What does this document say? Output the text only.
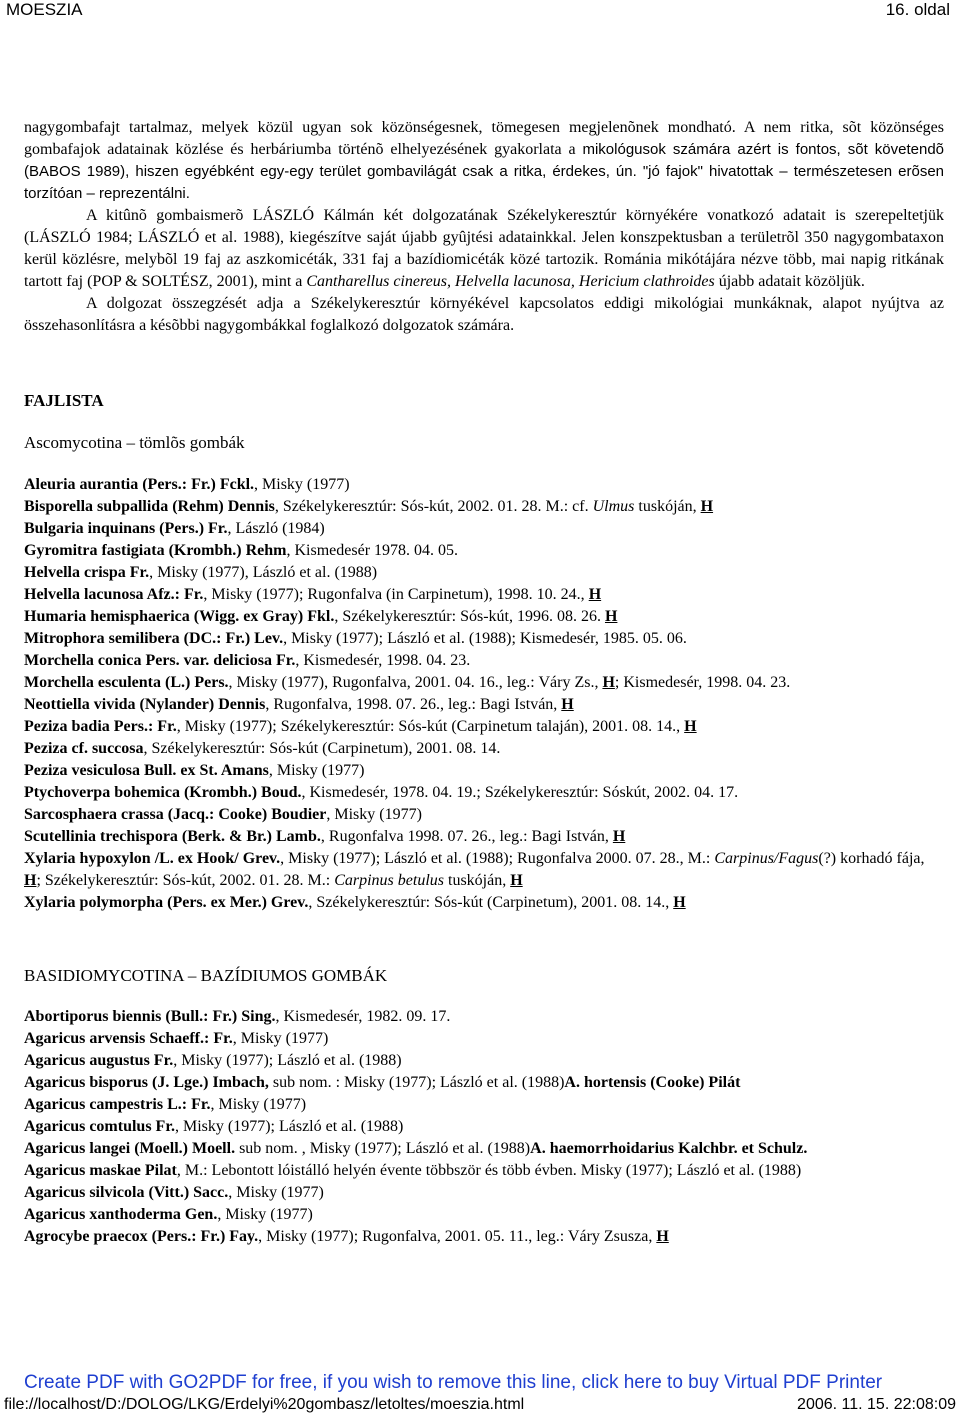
MOESZIA	16. oldal

nagygombafajt tartalmaz, melyek közül ugyan sok közönségesnek, tömegesen megjelenõnek mondható. A nem ritka, sõt közönséges gombafajok adatainak közlése és herbáriumba történõ elhelyezésének gyakorlata a mikológusok számára azért is fontos, sõt követendõ (BABOS 1989), hiszen egyébként egy-egy terület gombavilágát csak a ritka, érdekes, ún. "jó fajok" hivatottak – természetesen erõsen torzítóan – reprezentálni.

A kitûnõ gombaismerõ LÁSZLÓ Kálmán két dolgozatának Székelykeresztúr környékére vonatkozó adatait is szerepeltetjük (LÁSZLÓ 1984; LÁSZLÓ et al. 1988), kiegészítve saját újabb gyûjtési adatainkkal. Jelen konszpektusban a területrõl 350 nagygombataxon kerül közlésre, melybõl 19 faj az aszkomicéták, 331 faj a bazídiomicéták közé tartozik. Románia mikótájára nézve több, mai napig ritkának tartott faj (POP & SOLTÉSZ, 2001), mint a Cantharellus cinereus, Helvella lacunosa, Hericium clathroides újabb adatait közöljük.

A dolgozat összegzését adja a Székelykeresztúr környékével kapcsolatos eddigi mikológiai munkáknak, alapot nyújtva az összehasonlításra a késõbbi nagygombákkal foglalkozó dolgozatok számára.

FAJLISTA
Ascomycotina – tömlõs gombák

Aleuria aurantia (Pers.: Fr.) Fckl., Misky (1977)

Bisporella subpallida (Rehm) Dennis, Székelykeresztúr: Sós-kút, 2002. 01. 28. M.: cf. Ulmus tuskóján, H

Bulgaria inquinans (Pers.) Fr., László (1984)

Gyromitra fastigiata (Krombh.) Rehm, Kismedesér 1978. 04. 05.

Helvella crispa Fr., Misky (1977), László et al. (1988)

Helvella lacunosa Afz.: Fr., Misky (1977); Rugonfalva (in Carpinetum), 1998. 10. 24., H

Humaria hemisphaerica (Wigg. ex Gray) Fkl., Székelykeresztúr: Sós-kút, 1996. 08. 26. H

Mitrophora semilibera (DC.: Fr.) Lev., Misky (1977); László et al. (1988); Kismedesér, 1985. 05. 06.

Morchella conica Pers. var. deliciosa Fr., Kismedesér, 1998. 04. 23.

Morchella esculenta (L.) Pers., Misky (1977), Rugonfalva, 2001. 04. 16., leg.: Váry Zs., H; Kismedesér, 1998. 04. 23.

Neottiella vivida (Nylander) Dennis, Rugonfalva, 1998. 07. 26., leg.: Bagi István, H

Peziza badia Pers.: Fr., Misky (1977); Székelykeresztúr: Sós-kút (Carpinetum talaján), 2001. 08. 14., H

Peziza cf. succosa, Székelykeresztúr: Sós-kút (Carpinetum), 2001. 08. 14.

Peziza vesiculosa Bull. ex St. Amans, Misky (1977)

Ptychoverpa bohemica (Krombh.) Boud., Kismedesér, 1978. 04. 19.; Székelykeresztúr: Sóskút, 2002. 04. 17.

Sarcosphaera crassa (Jacq.: Cooke) Boudier, Misky (1977)

Scutellinia trechispora (Berk. & Br.) Lamb., Rugonfalva 1998. 07. 26., leg.: Bagi István, H

Xylaria hypoxylon /L. ex Hook/ Grev., Misky (1977); László et al. (1988); Rugonfalva 2000. 07. 28., M.: Carpinus/Fagus(?) korhadó fája, H; Székelykeresztúr: Sós-kút, 2002. 01. 28. M.: Carpinus betulus tuskóján, H

Xylaria polymorpha (Pers. ex Mer.) Grev., Székelykeresztúr: Sós-kút (Carpinetum), 2001. 08. 14., H

BASIDIOMYCOTINA – BAZÍDIUMOS GOMBÁK

Abortiporus biennis (Bull.: Fr.) Sing., Kismedesér, 1982. 09. 17.

Agaricus arvensis Schaeff.: Fr., Misky (1977)

Agaricus augustus Fr., Misky (1977); László et al. (1988)

Agaricus bisporus (J. Lge.) Imbach, sub nom. : Misky (1977); László et al. (1988)A. hortensis (Cooke) Pilát

Agaricus campestris L.: Fr., Misky (1977)

Agaricus comtulus Fr., Misky (1977); László et al. (1988)

Agaricus langei (Moell.) Moell. sub nom. , Misky (1977); László et al. (1988)A. haemorrhoidarius Kalchbr. et Schulz.

Agaricus maskae Pilat, M.: Lebontott lóistálló helyén évente többször és több évben. Misky (1977); László et al. (1988)

Agaricus silvicola (Vitt.) Sacc., Misky (1977)

Agaricus xanthoderma Gen., Misky (1977)

Agrocybe praecox (Pers.: Fr.) Fay., Misky (1977); Rugonfalva, 2001. 05. 11., leg.: Váry Zsusza, H

Create PDF with GO2PDF for free, if you wish to remove this line, click here to buy Virtual PDF Printer
file://localhost/D:/DOLOG/LKG/Erdelyi%20gombasz/letoltes/moeszia.html	2006. 11. 15. 22:08:09
